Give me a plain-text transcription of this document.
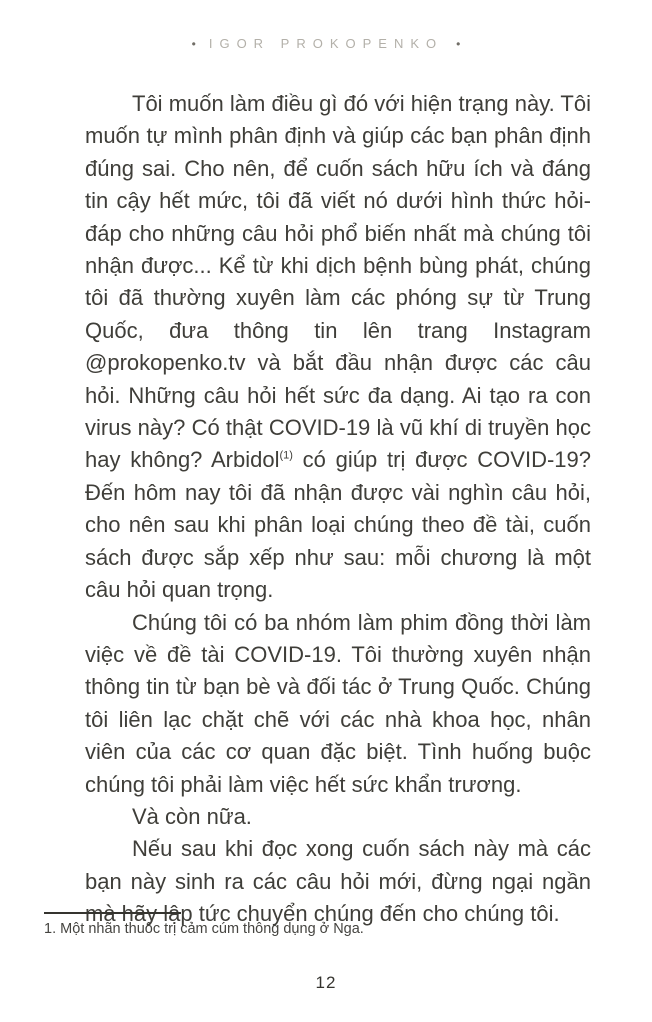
• IGOR PROKOPENKO •

Tôi muốn làm điều gì đó với hiện trạng này. Tôi muốn tự mình phân định và giúp các bạn phân định đúng sai. Cho nên, để cuốn sách hữu ích và đáng tin cậy hết mức, tôi đã viết nó dưới hình thức hỏi-đáp cho những câu hỏi phổ biến nhất mà chúng tôi nhận được... Kể từ khi dịch bệnh bùng phát, chúng tôi đã thường xuyên làm các phóng sự từ Trung Quốc, đưa thông tin lên trang Instagram @prokopenko.tv và bắt đầu nhận được các câu hỏi. Những câu hỏi hết sức đa dạng. Ai tạo ra con virus này? Có thật COVID-19 là vũ khí di truyền học hay không? Arbidol$^{(1)}$ có giúp trị được COVID-19? Đến hôm nay tôi đã nhận được vài nghìn câu hỏi, cho nên sau khi phân loại chúng theo đề tài, cuốn sách được sắp xếp như sau: mỗi chương là một câu hỏi quan trọng.

Chúng tôi có ba nhóm làm phim đồng thời làm việc về đề tài COVID-19. Tôi thường xuyên nhận thông tin từ bạn bè và đối tác ở Trung Quốc. Chúng tôi liên lạc chặt chẽ với các nhà khoa học, nhân viên của các cơ quan đặc biệt. Tình huống buộc chúng tôi phải làm việc hết sức khẩn trương.

Và còn nữa.

Nếu sau khi đọc xong cuốn sách này mà các bạn này sinh ra các câu hỏi mới, đừng ngại ngần mà hãy lập tức chuyển chúng đến cho chúng tôi.

1. Một nhãn thuốc trị cảm cúm thông dụng ở Nga.
12
